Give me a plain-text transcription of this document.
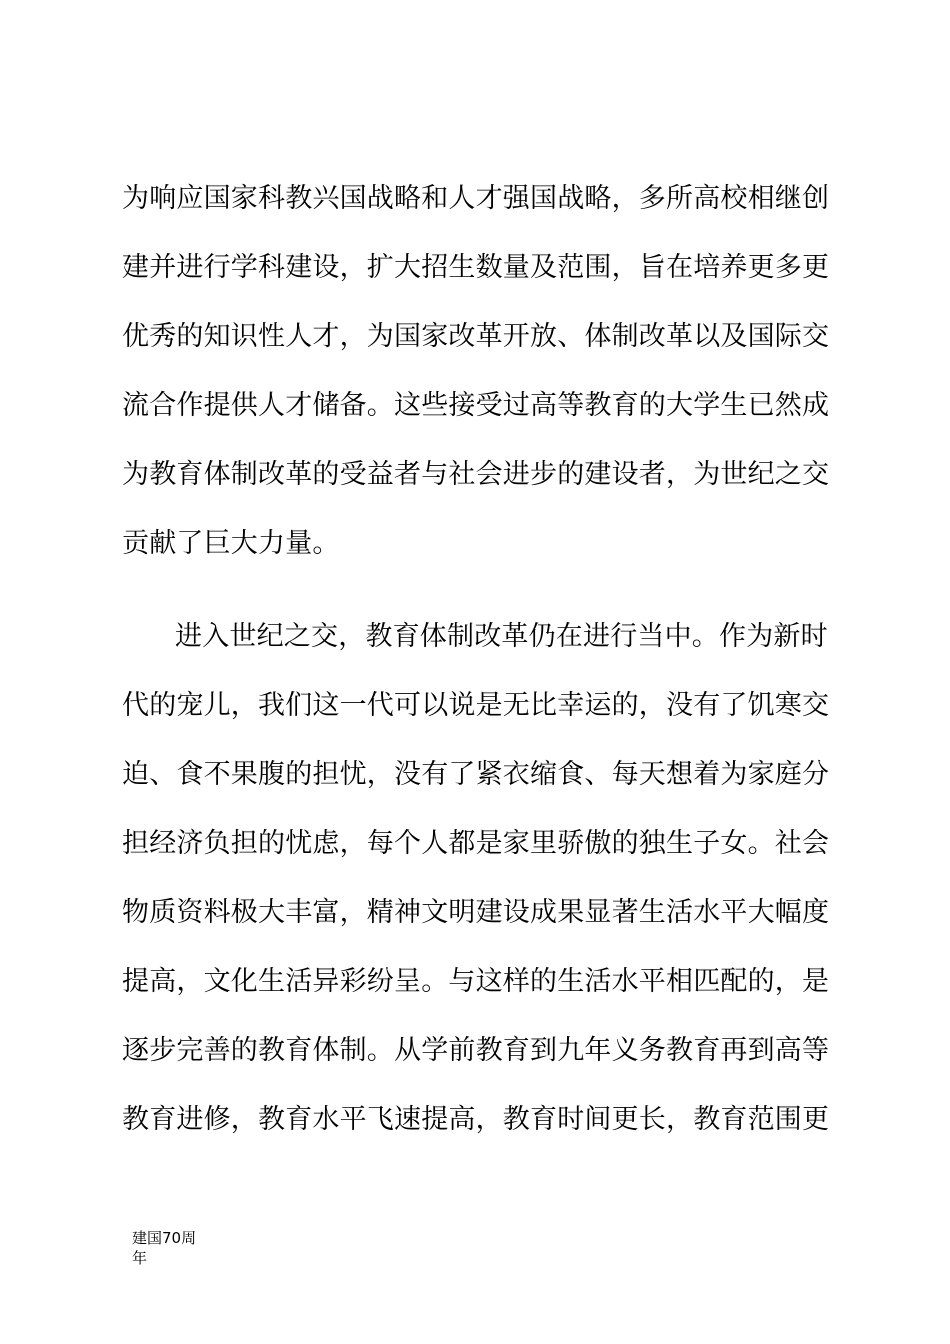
为响应国家科教兴国战略和人才强国战略，多所高校相继创
建并进行学科建设，扩大招生数量及范围，旨在培养更多更
优秀的知识性人才，为国家改革开放、体制改革以及国际交
流合作提供人才储备。这些接受过高等教育的大学生已然成
为教育体制改革的受益者与社会进步的建设者，为世纪之交
贡献了巨大力量。
进入世纪之交，教育体制改革仍在进行当中。作为新时
代的宠儿，我们这一代可以说是无比幸运的，没有了饥寒交
迫、食不果腹的担忧，没有了紧衣缩食、每天想着为家庭分
担经济负担的忧虑，每个人都是家里骄傲的独生子女。社会
物质资料极大丰富，精神文明建设成果显著生活水平大幅度
提高，文化生活异彩纷呈。与这样的生活水平相匹配的，是
逐步完善的教育体制。从学前教育到九年义务教育再到高等
教育进修，教育水平飞速提高，教育时间更长，教育范围更
建国70周
年
